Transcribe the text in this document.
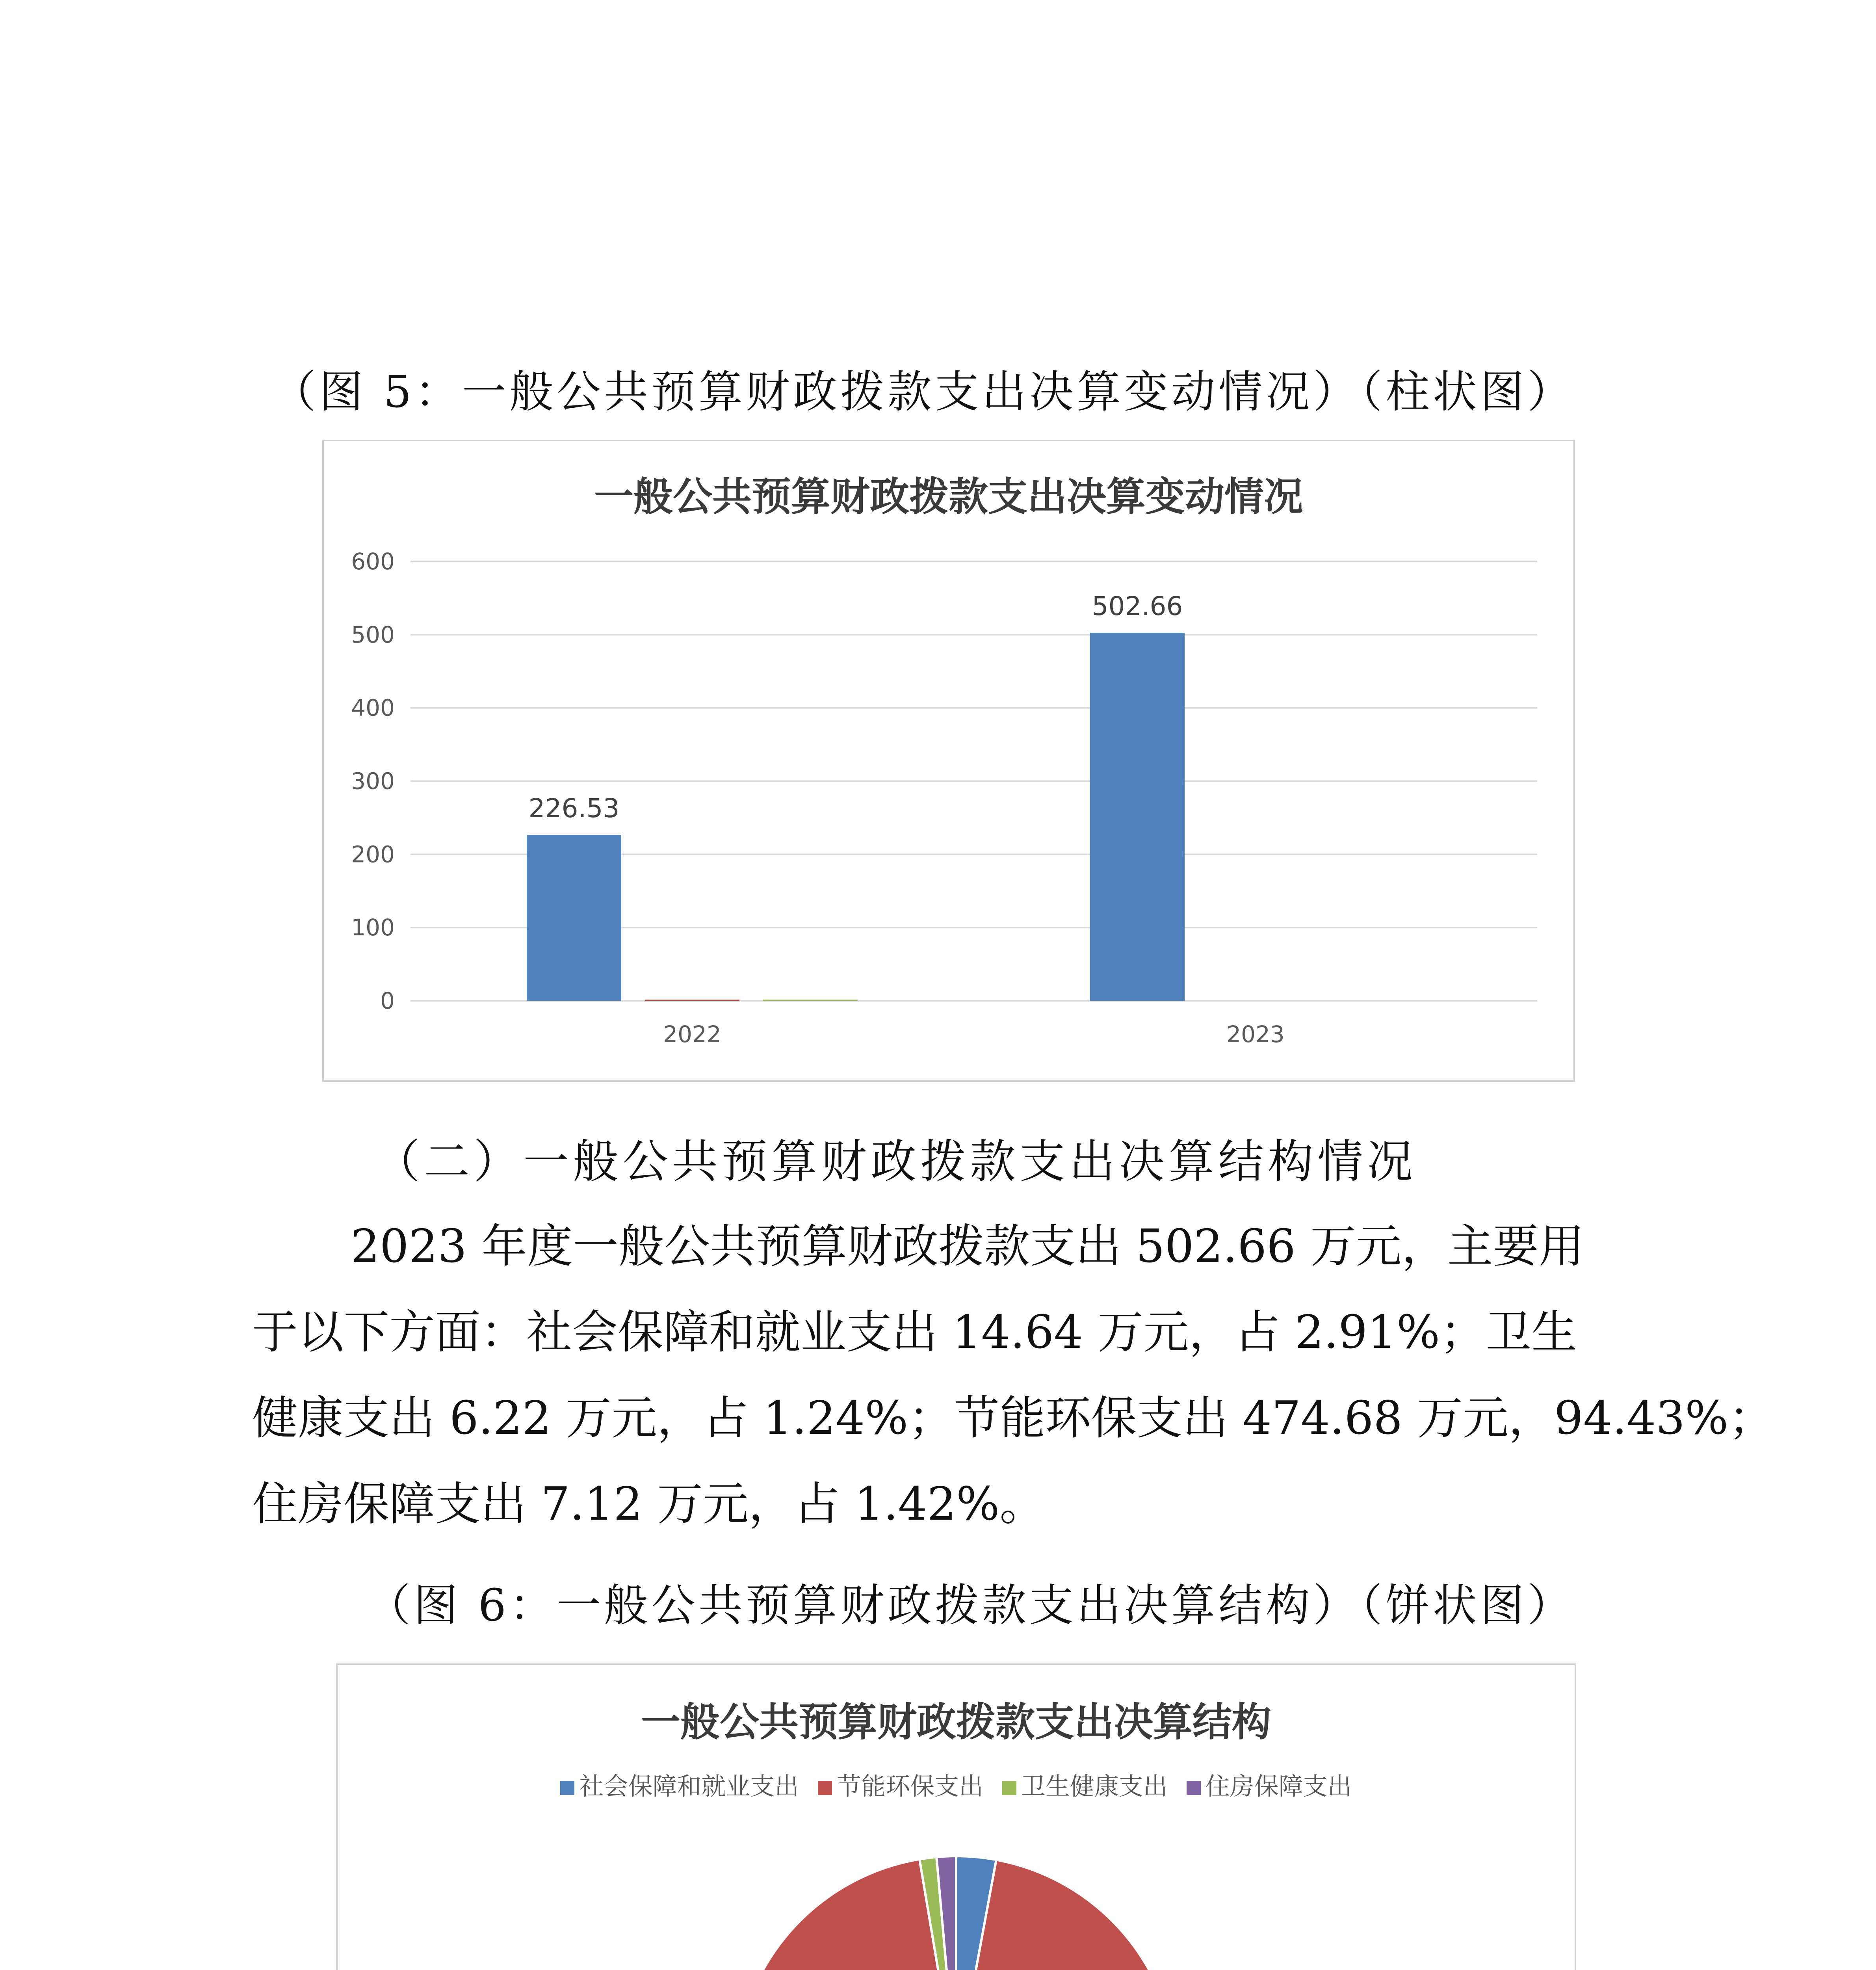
（图 5：一般公共预算财政拨款支出决算变动情况）（柱状图）
一般公共预算财政拨款支出决算变动情况
0
100
200
300
400
500
600
226.53
2022
502.66
2023
（二）一般公共预算财政拨款支出决算结构情况
2023 年度一般公共预算财政拨款支出 502.66 万元，主要用
于以下方面：社会保障和就业支出 14.64 万元，占 2.91%；卫生
健康支出 6.22 万元，占 1.24%；节能环保支出 474.68 万元，94.43%；
住房保障支出 7.12 万元，占 1.42%。
（图 6：一般公共预算财政拨款支出决算结构）（饼状图）
一般公共预算财政拨款支出决算结构
社会保障和就业支出 节能环保支出 卫生健康支出 住房保障支出
